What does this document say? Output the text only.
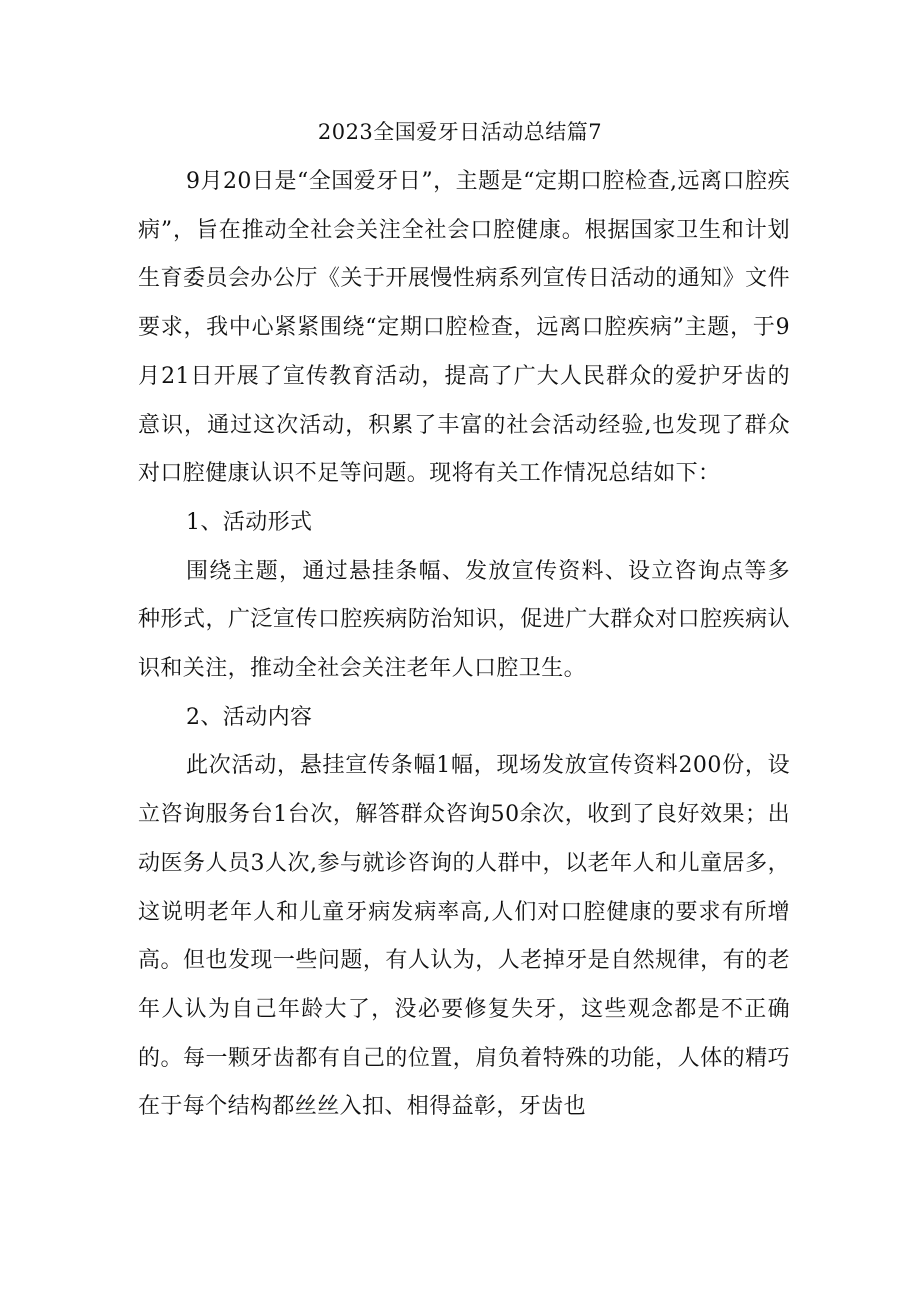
2023全国爱牙日活动总结篇7

9月20日是“全国爱牙日”，主题是“定期口腔检查,远离口腔疾病”，旨在推动全社会关注全社会口腔健康。根据国家卫生和计划生育委员会办公厅《关于开展慢性病系列宣传日活动的通知》文件要求，我中心紧紧围绕“定期口腔检查，远离口腔疾病”主题，于9月21日开展了宣传教育活动，提高了广大人民群众的爱护牙齿的意识，通过这次活动，积累了丰富的社会活动经验,也发现了群众对口腔健康认识不足等问题。现将有关工作情况总结如下：

1、活动形式

围绕主题，通过悬挂条幅、发放宣传资料、设立咨询点等多种形式，广泛宣传口腔疾病防治知识，促进广大群众对口腔疾病认识和关注，推动全社会关注老年人口腔卫生。

2、活动内容

此次活动，悬挂宣传条幅1幅，现场发放宣传资料200份，设立咨询服务台1台次，解答群众咨询50余次，收到了良好效果；出动医务人员3人次,参与就诊咨询的人群中，以老年人和儿童居多，这说明老年人和儿童牙病发病率高,人们对口腔健康的要求有所增高。但也发现一些问题，有人认为，人老掉牙是自然规律，有的老年人认为自己年龄大了，没必要修复失牙，这些观念都是不正确的。每一颗牙齿都有自己的位置，肩负着特殊的功能，人体的精巧在于每个结构都丝丝入扣、相得益彰，牙齿也
